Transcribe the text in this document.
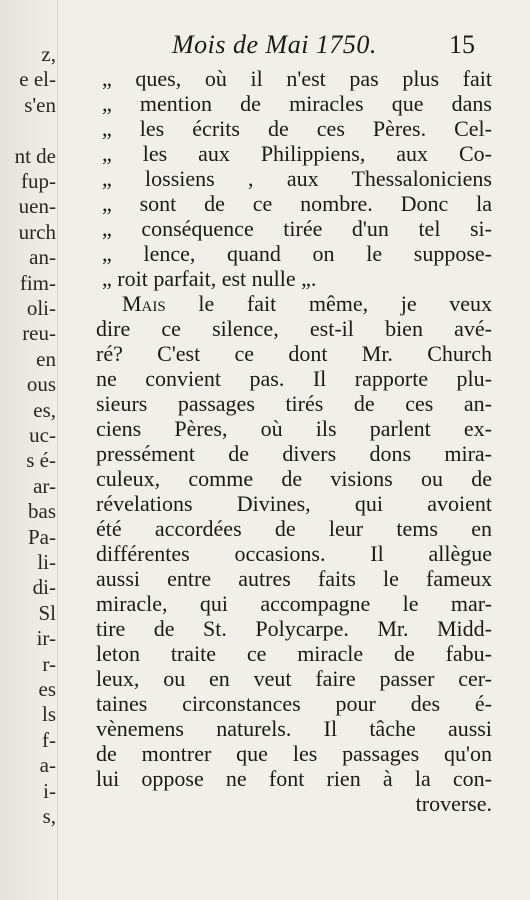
z,
e el-
s'en
nt de
fup-
uen-
urch
an-
fim-
oli-
reu-
en
ous
es,
uc-
s é-
ar-
bas
Pa-
li-
di-
Sl
ir-
r-
es
ls
f-
a-
i-
s,
Mois de Mai 1750.	15
„ ques, où il n'est pas plus fait
„ mention de miracles que dans
„ les écrits de ces Pères. Cel-
„ les aux Philippiens, aux Co-
„ lossiens , aux Thessaloniciens
„ sont de ce nombre. Donc la
„ conséquence tirée d'un tel si-
„ lence, quand on le suppose-
„ roit parfait, est nulle „.
Mais le fait même, je veux
dire ce silence, est-il bien avé-
ré? C'est ce dont Mr. Church
ne convient pas. Il rapporte plu-
sieurs passages tirés de ces an-
ciens Pères, où ils parlent ex-
pressément de divers dons mira-
culeux, comme de visions ou de
révelations Divines, qui avoient
été accordées de leur tems en
différentes occasions. Il allègue
aussi entre autres faits le fameux
miracle, qui accompagne le mar-
tire de St. Polycarpe. Mr. Midd-
leton traite ce miracle de fabu-
leux, ou en veut faire passer cer-
taines circonstances pour des é-
vènemens naturels. Il tâche aussi
de montrer que les passages qu'on
lui oppose ne font rien à la con-
troverse.
